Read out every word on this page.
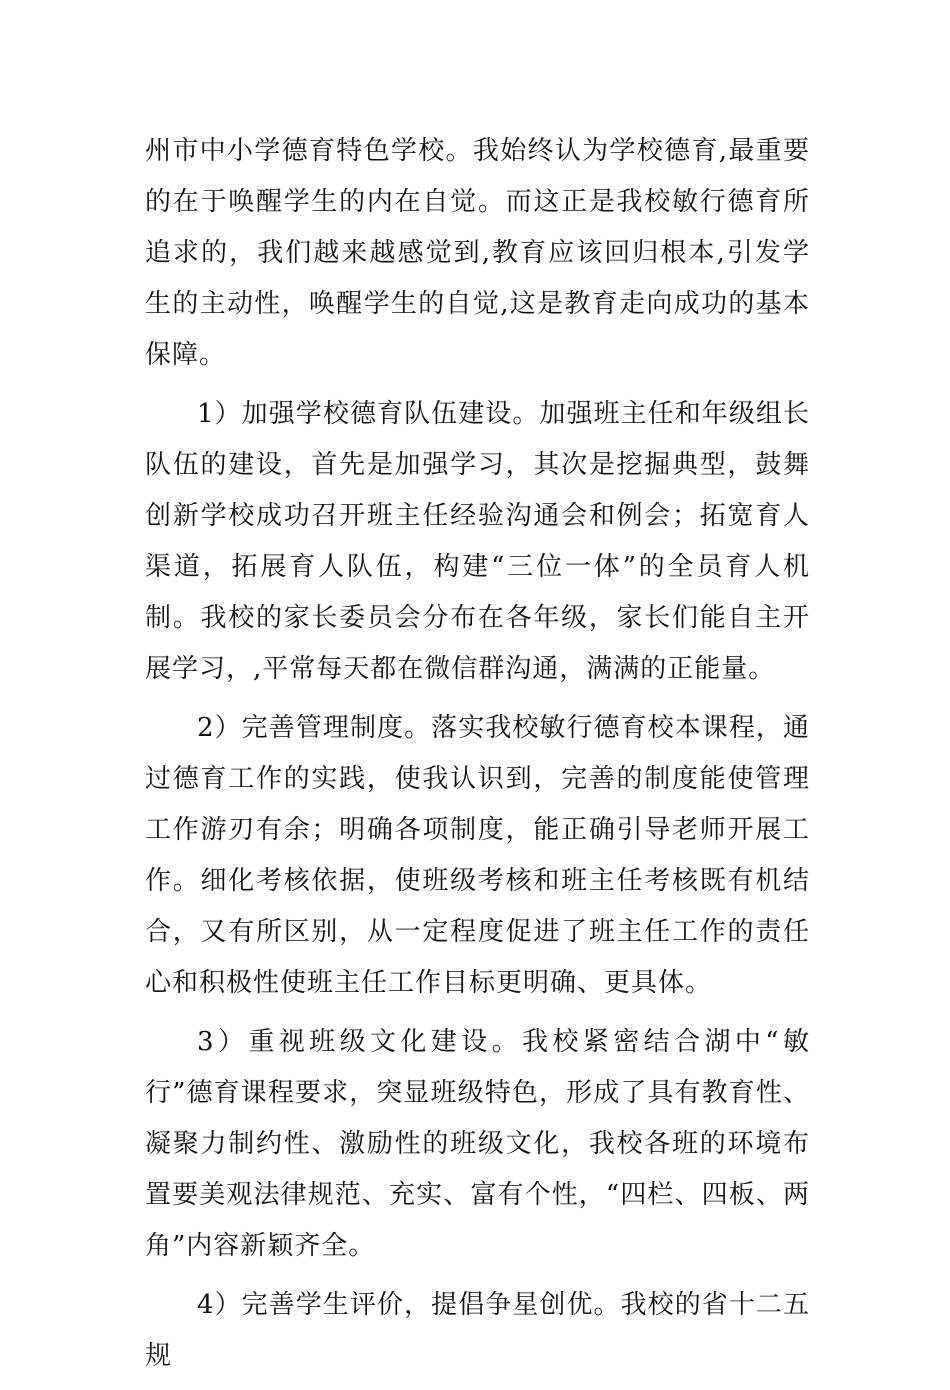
州市中小学德育特色学校。我始终认为学校德育,最重要的在于唤醒学生的内在自觉。而这正是我校敏行德育所追求的，我们越来越感觉到,教育应该回归根本,引发学生的主动性，唤醒学生的自觉,这是教育走向成功的基本保障。

1）加强学校德育队伍建设。加强班主任和年级组长队伍的建设，首先是加强学习，其次是挖掘典型，鼓舞创新学校成功召开班主任经验沟通会和例会；拓宽育人渠道，拓展育人队伍，构建“三位一体”的全员育人机制。我校的家长委员会分布在各年级，家长们能自主开展学习，,平常每天都在微信群沟通，满满的正能量。

2）完善管理制度。落实我校敏行德育校本课程，通过德育工作的实践，使我认识到，完善的制度能使管理工作游刃有余；明确各项制度，能正确引导老师开展工作。细化考核依据，使班级考核和班主任考核既有机结合，又有所区别，从一定程度促进了班主任工作的责任心和积极性使班主任工作目标更明确、更具体。

3）重视班级文化建设。我校紧密结合湖中“敏行”德育课程要求，突显班级特色，形成了具有教育性、凝聚力制约性、激励性的班级文化，我校各班的环境布置要美观法律规范、充实、富有个性，“四栏、四板、两角”内容新颖齐全。

4）完善学生评价，提倡争星创优。我校的省十二五规
